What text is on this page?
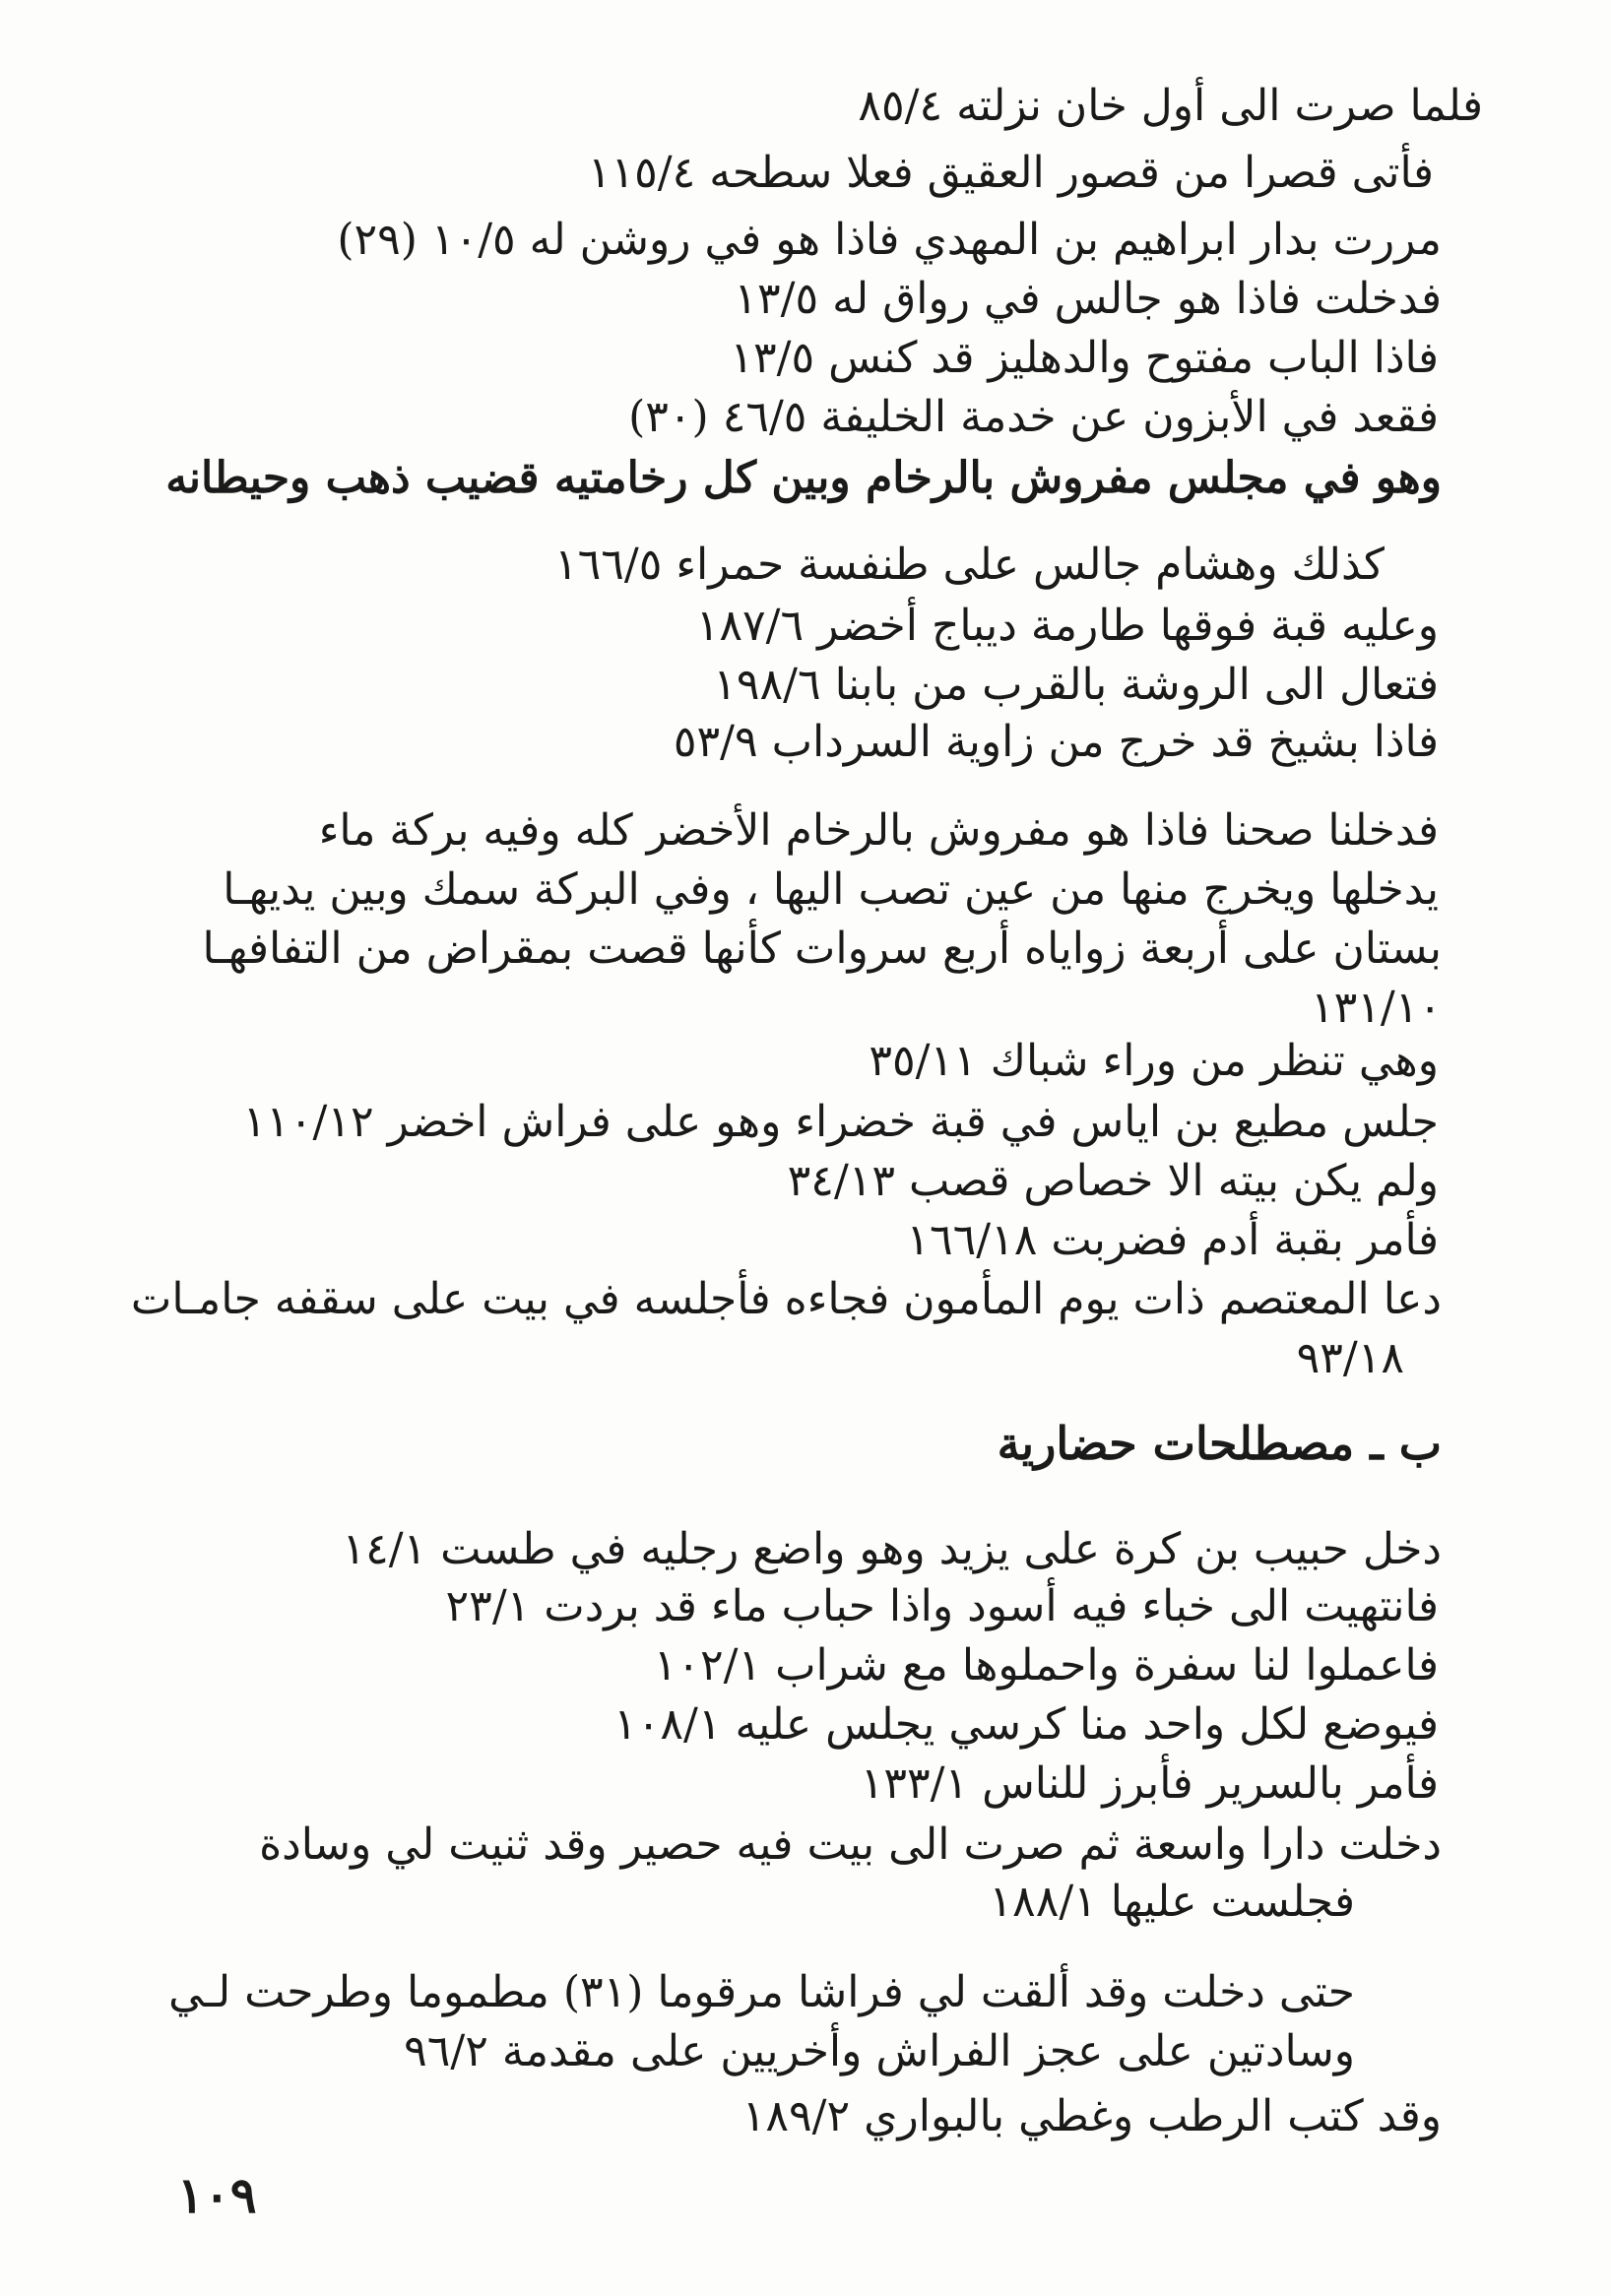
فلما صرت الى أول خان نزلته ٨٥/٤
فأتى قصرا من قصور العقيق فعلا سطحه ١١٥/٤
مررت بدار ابراهيم بن المهدي فاذا هو في روشن له ١٠/٥ (٢٩)
فدخلت فاذا هو جالس في رواق له ١٣/٥
فاذا الباب مفتوح والدهليز قد كنس ١٣/٥
فقعد في الأبزون عن خدمة الخليفة ٤٦/٥ (٣٠)
وهو في مجلس مفروش بالرخام وبين كل رخامتيه قضيب ذهب وحيطانه
كذلك وهشام جالس على طنفسة حمراء ١٦٦/٥
وعليه قبة فوقها طارمة ديباج أخضر ١٨٧/٦
فتعال الى الروشة بالقرب من بابنا ١٩٨/٦
فاذا بشيخ قد خرج من زاوية السرداب ٥٣/٩
فدخلنا صحنا فاذا هو مفروش بالرخام الأخضر كله وفيه بركة ماء
يدخلها ويخرج منها من عين تصب اليها ، وفي البركة سمك وبين يديهـا
بستان على أربعة زواياه أربع سروات كأنها قصت بمقراض من التفافهـا
١٣١/١٠
وهي تنظر من وراء شباك ٣٥/١١
جلس مطيع بن اياس في قبة خضراء وهو على فراش اخضر ١١٠/١٢
ولم يكن بيته الا خصاص قصب ٣٤/١٣
فأمر بقبة أدم فضربت ١٦٦/١٨
دعا المعتصم ذات يوم المأمون فجاءه فأجلسه في بيت على سقفه جامـات
٩٣/١٨
ب ـ مصطلحات حضارية
دخل حبيب بن كرة على يزيد وهو واضع رجليه في طست ١٤/١
فانتهيت الى خباء فيه أسود واذا حباب ماء قد بردت ٢٣/١
فاعملوا لنا سفرة واحملوها مع شراب ١٠٢/١
فيوضع لكل واحد منا كرسي يجلس عليه ١٠٨/١
فأمر بالسرير فأبرز للناس ١٣٣/١
دخلت دارا واسعة ثم صرت الى بيت فيه حصير وقد ثنيت لي وسادة
فجلست عليها ١٨٨/١
حتى دخلت وقد ألقت لي فراشا مرقوما (٣١) مطموما وطرحت لـي
وسادتين على عجز الفراش وأخريين على مقدمة ٩٦/٢
وقد كتب الرطب وغطي بالبواري ١٨٩/٢
١٠٩
